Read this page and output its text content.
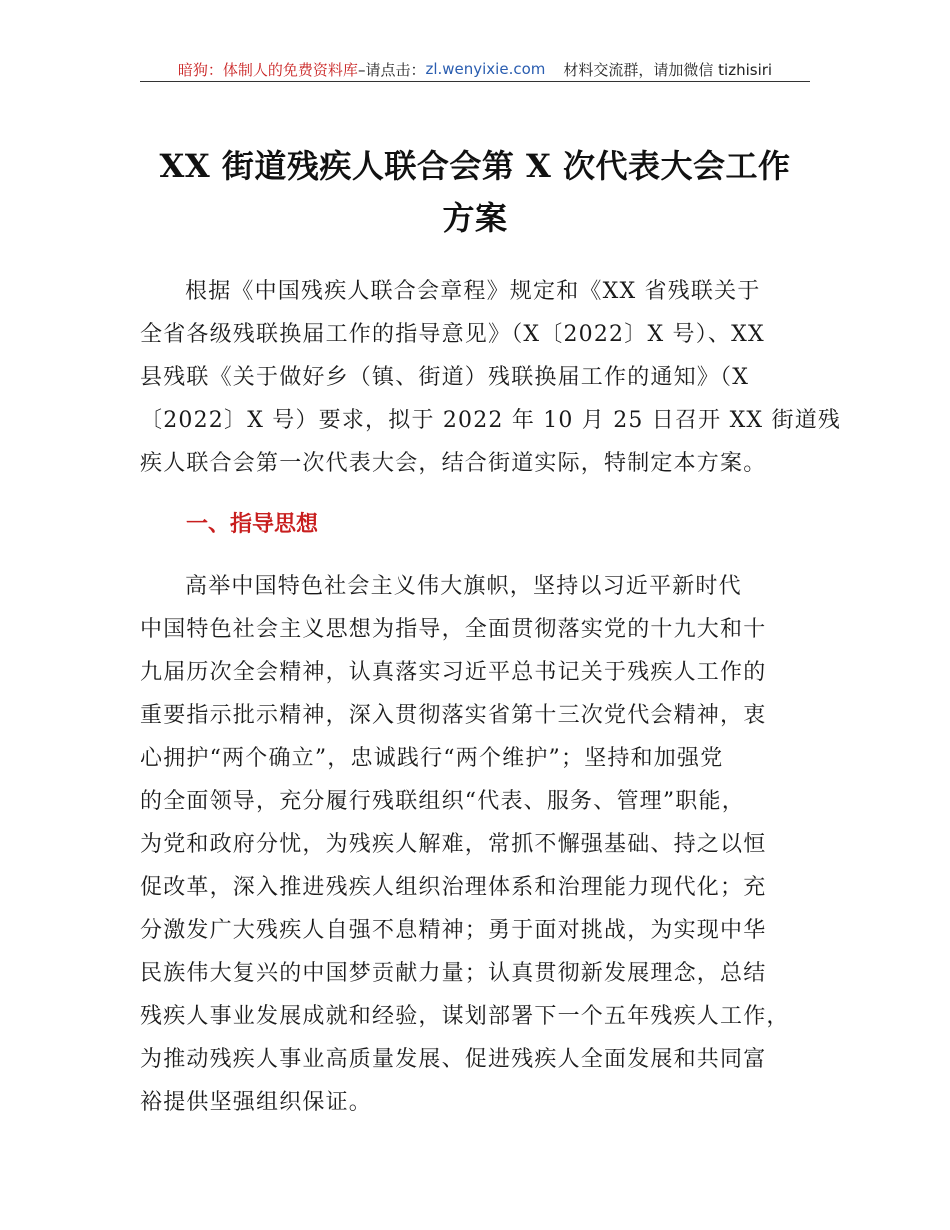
暗狗：体制人的免费资料库 –请点击： zl.wenyixie.com 材料交流群，请加微信 tizhisiri
XX 街道残疾人联合会第 X 次代表大会工作
方案
根据《中国残疾人联合会章程》规定和《XX 省残联关于
全省各级残联换届工作的指导意见》（X〔2022〕X 号）、XX
县残联《关于做好乡（镇、街道）残联换届工作的通知》（X
〔2022〕X 号）要求，拟于 2022 年 10 月 25 日召开 XX 街道残
疾人联合会第一次代表大会，结合街道实际，特制定本方案。
一、指导思想
高举中国特色社会主义伟大旗帜，坚持以习近平新时代
中国特色社会主义思想为指导，全面贯彻落实党的十九大和十
九届历次全会精神，认真落实习近平总书记关于残疾人工作的
重要指示批示精神，深入贯彻落实省第十三次党代会精神，衷
心拥护“两个确立”，忠诚践行“两个维护”；坚持和加强党
的全面领导，充分履行残联组织“代表、服务、管理”职能，
为党和政府分忧，为残疾人解难，常抓不懈强基础、持之以恒
促改革，深入推进残疾人组织治理体系和治理能力现代化；充
分激发广大残疾人自强不息精神；勇于面对挑战，为实现中华
民族伟大复兴的中国梦贡献力量；认真贯彻新发展理念，总结
残疾人事业发展成就和经验，谋划部署下一个五年残疾人工作，
为推动残疾人事业高质量发展、促进残疾人全面发展和共同富
裕提供坚强组织保证。
